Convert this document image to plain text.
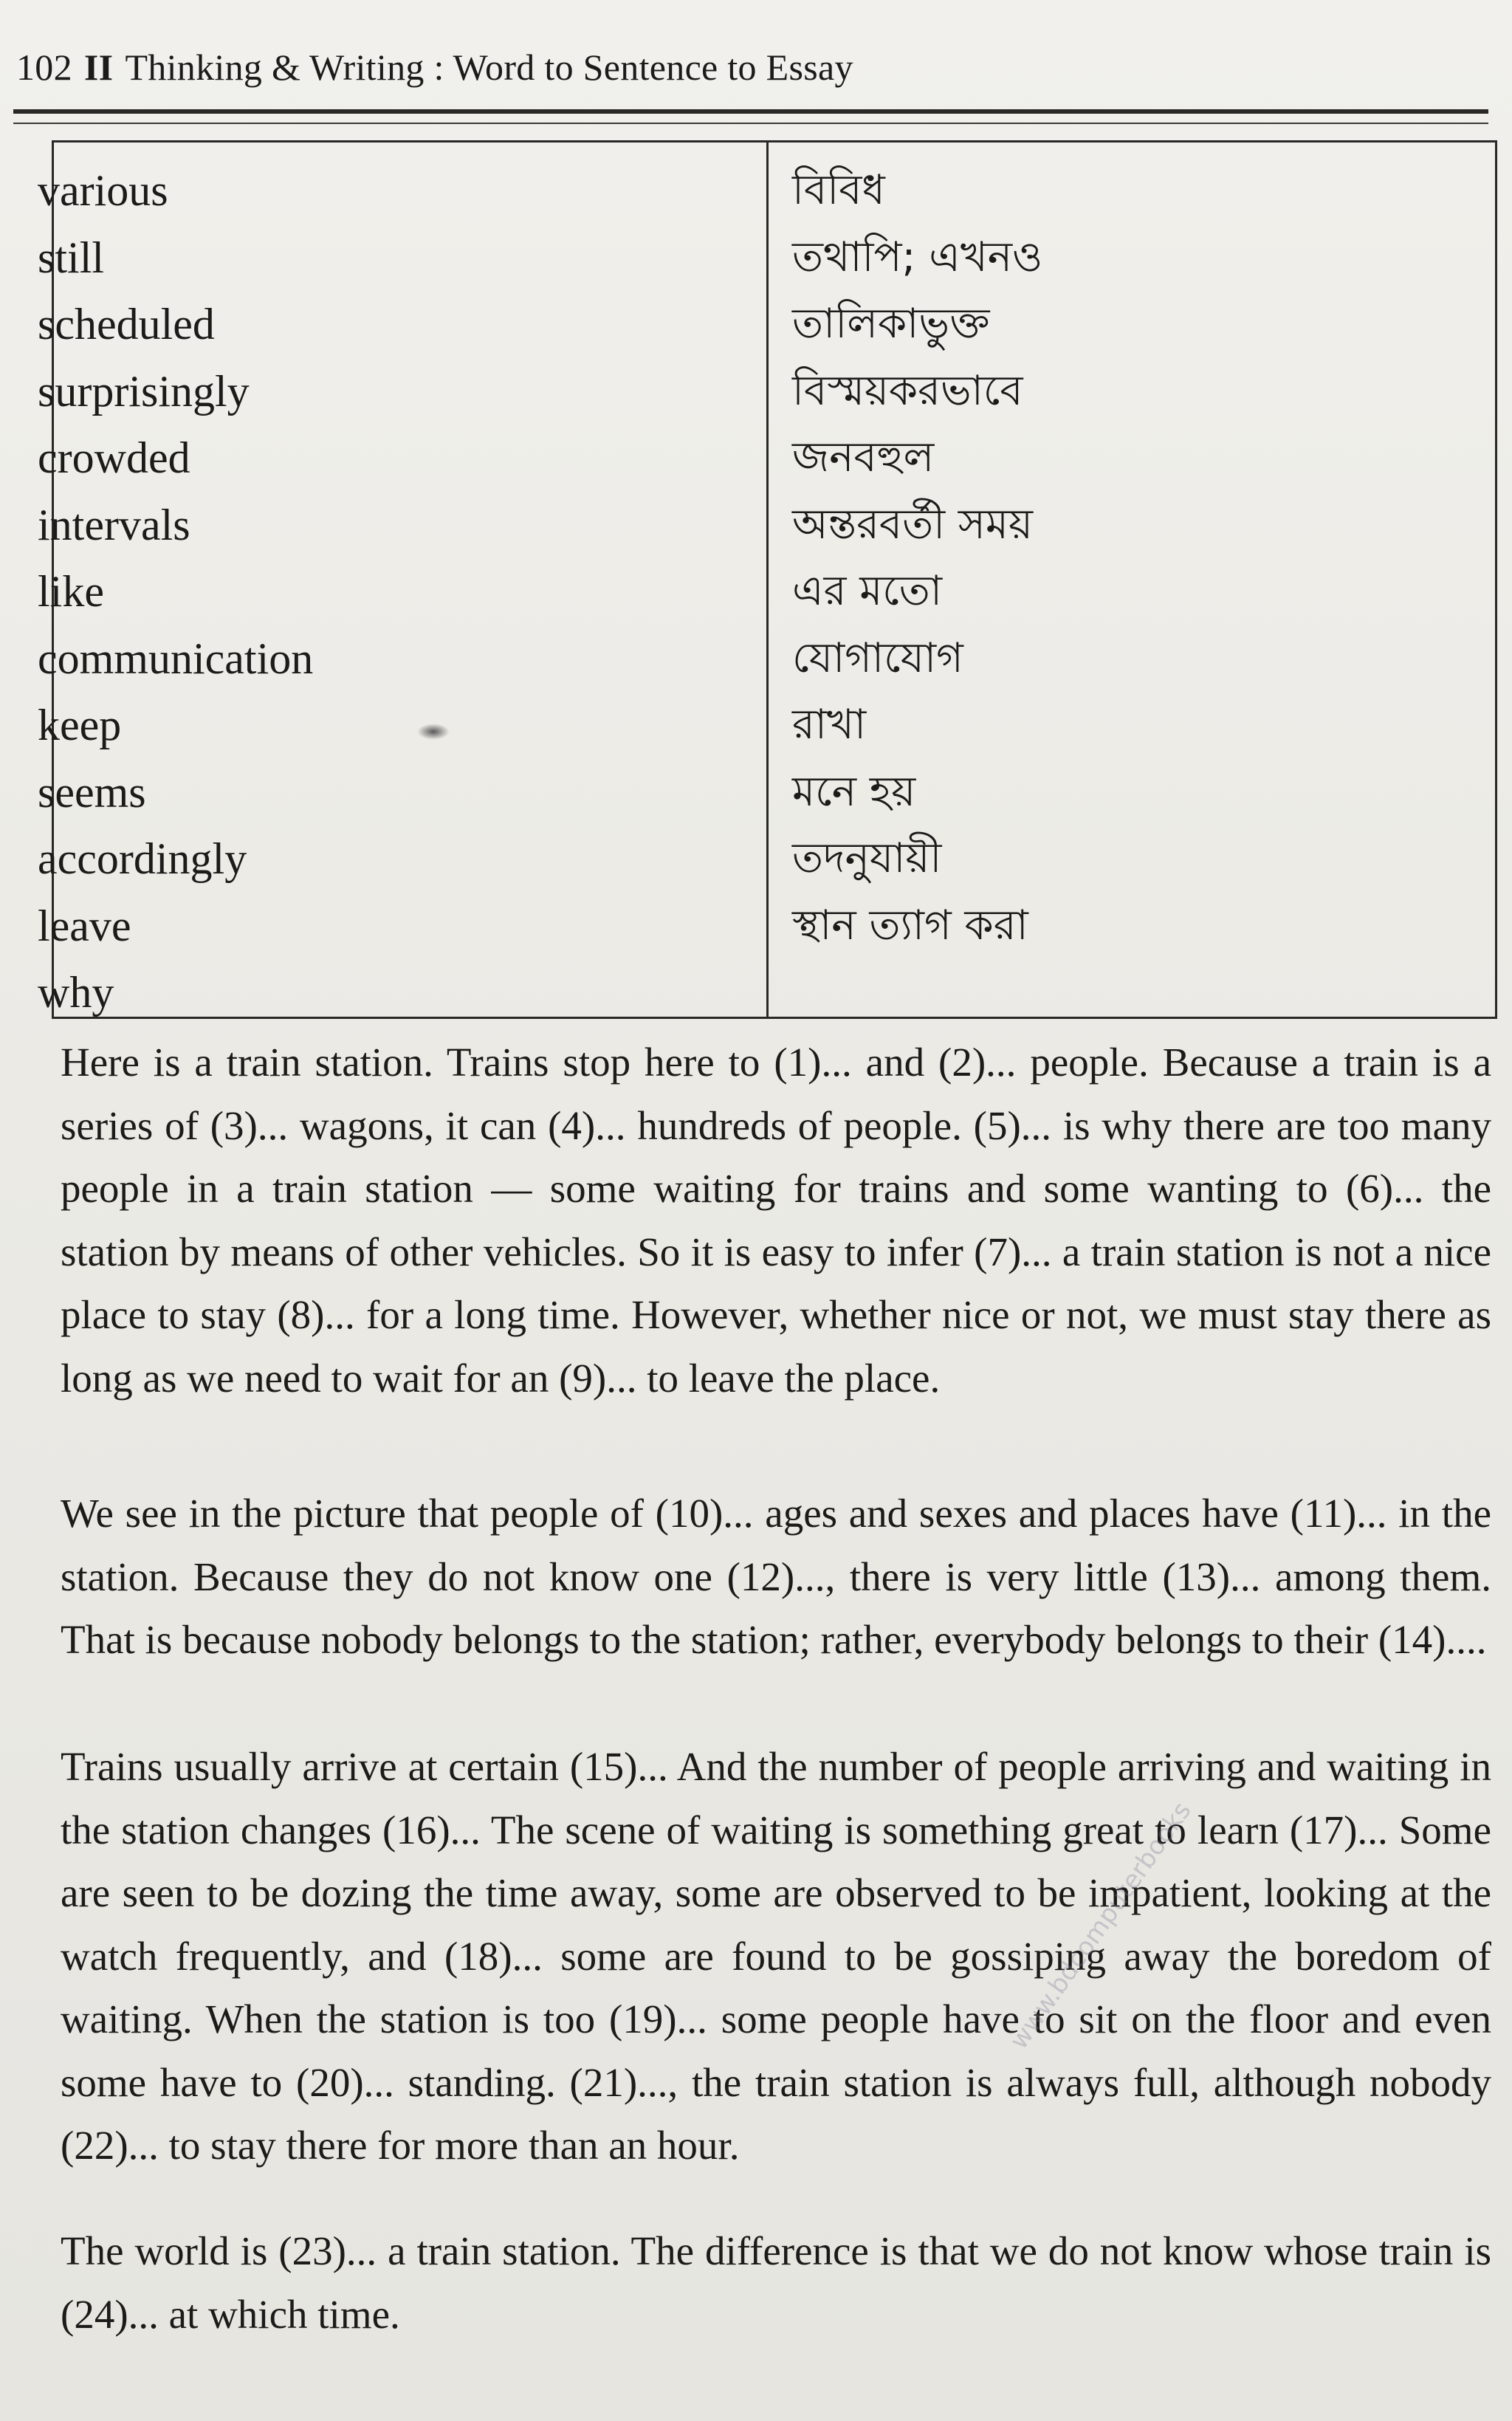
102 II Thinking & Writing : Word to Sentence to Essay
various
still
scheduled
surprisingly
crowded
intervals
like
communication
keep
seems
accordingly
leave
why
বিবিধ
তথাপি; এখনও
তালিকাভুক্ত
বিস্ময়করভাবে
জনবহুল
অন্তরবর্তী সময়
এর মতো
যোগাযোগ
রাখা
মনে হয়
তদনুযায়ী
স্থান ত্যাগ করা

Here is a train station. Trains stop here to (1)... and (2)... people. Because a train is a series of (3)... wagons, it can (4)... hundreds of people. (5)... is why there are too many people in a train station — some waiting for trains and some wanting to (6)... the station by means of other vehicles. So it is easy to infer (7)... a train station is not a nice place to stay (8)... for a long time. However, whether nice or not, we must stay there as long as we need to wait for an (9)... to leave the place.

We see in the picture that people of (10)... ages and sexes and places have (11)... in the station. Because they do not know one (12)..., there is very little (13)... among them. That is because nobody belongs to the station; rather, everybody belongs to their (14)....

Trains usually arrive at certain (15)... And the number of people arriving and waiting in the station changes (16)... The scene of waiting is something great to learn (17)... Some are seen to be dozing the time away, some are observed to be impatient, looking at the watch frequently, and (18)... some are found to be gossiping away the boredom of waiting. When the station is too (19)... some people have to sit on the floor and even some have to (20)... standing. (21)..., the train station is always full, although nobody (22)... to stay there for more than an hour.

The world is (23)... a train station. The difference is that we do not know whose train is (24)... at which time.

www.bdcomputerbooks
